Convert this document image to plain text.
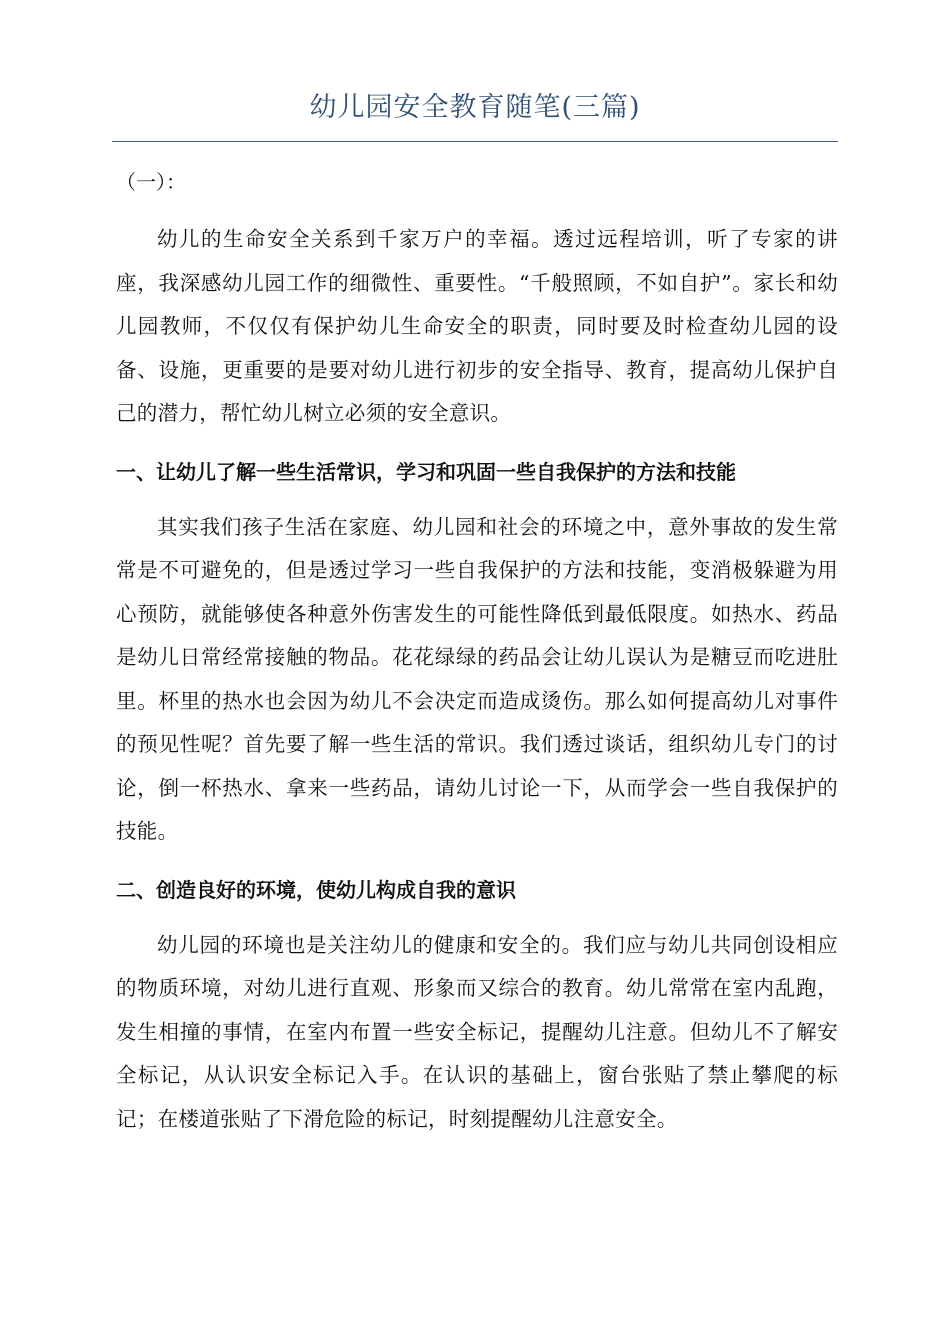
幼儿园安全教育随笔(三篇)
（一）：

幼儿的生命安全关系到千家万户的幸福。透过远程培训，听了专家的讲座，我深感幼儿园工作的细微性、重要性。“千般照顾，不如自护”。家长和幼儿园教师，不仅仅有保护幼儿生命安全的职责，同时要及时检查幼儿园的设备、设施，更重要的是要对幼儿进行初步的安全指导、教育，提高幼儿保护自己的潜力，帮忙幼儿树立必须的安全意识。

一、让幼儿了解一些生活常识，学习和巩固一些自我保护的方法和技能

其实我们孩子生活在家庭、幼儿园和社会的环境之中，意外事故的发生常常是不可避免的，但是透过学习一些自我保护的方法和技能，变消极躲避为用心预防，就能够使各种意外伤害发生的可能性降低到最低限度。如热水、药品是幼儿日常经常接触的物品。花花绿绿的药品会让幼儿误认为是糖豆而吃进肚里。杯里的热水也会因为幼儿不会决定而造成烫伤。那么如何提高幼儿对事件的预见性呢？首先要了解一些生活的常识。我们透过谈话，组织幼儿专门的讨论，倒一杯热水、拿来一些药品，请幼儿讨论一下，从而学会一些自我保护的技能。

二、创造良好的环境，使幼儿构成自我的意识

幼儿园的环境也是关注幼儿的健康和安全的。我们应与幼儿共同创设相应的物质环境，对幼儿进行直观、形象而又综合的教育。幼儿常常在室内乱跑，发生相撞的事情，在室内布置一些安全标记，提醒幼儿注意。但幼儿不了解安全标记，从认识安全标记入手。在认识的基础上，窗台张贴了禁止攀爬的标记；在楼道张贴了下滑危险的标记，时刻提醒幼儿注意安全。
